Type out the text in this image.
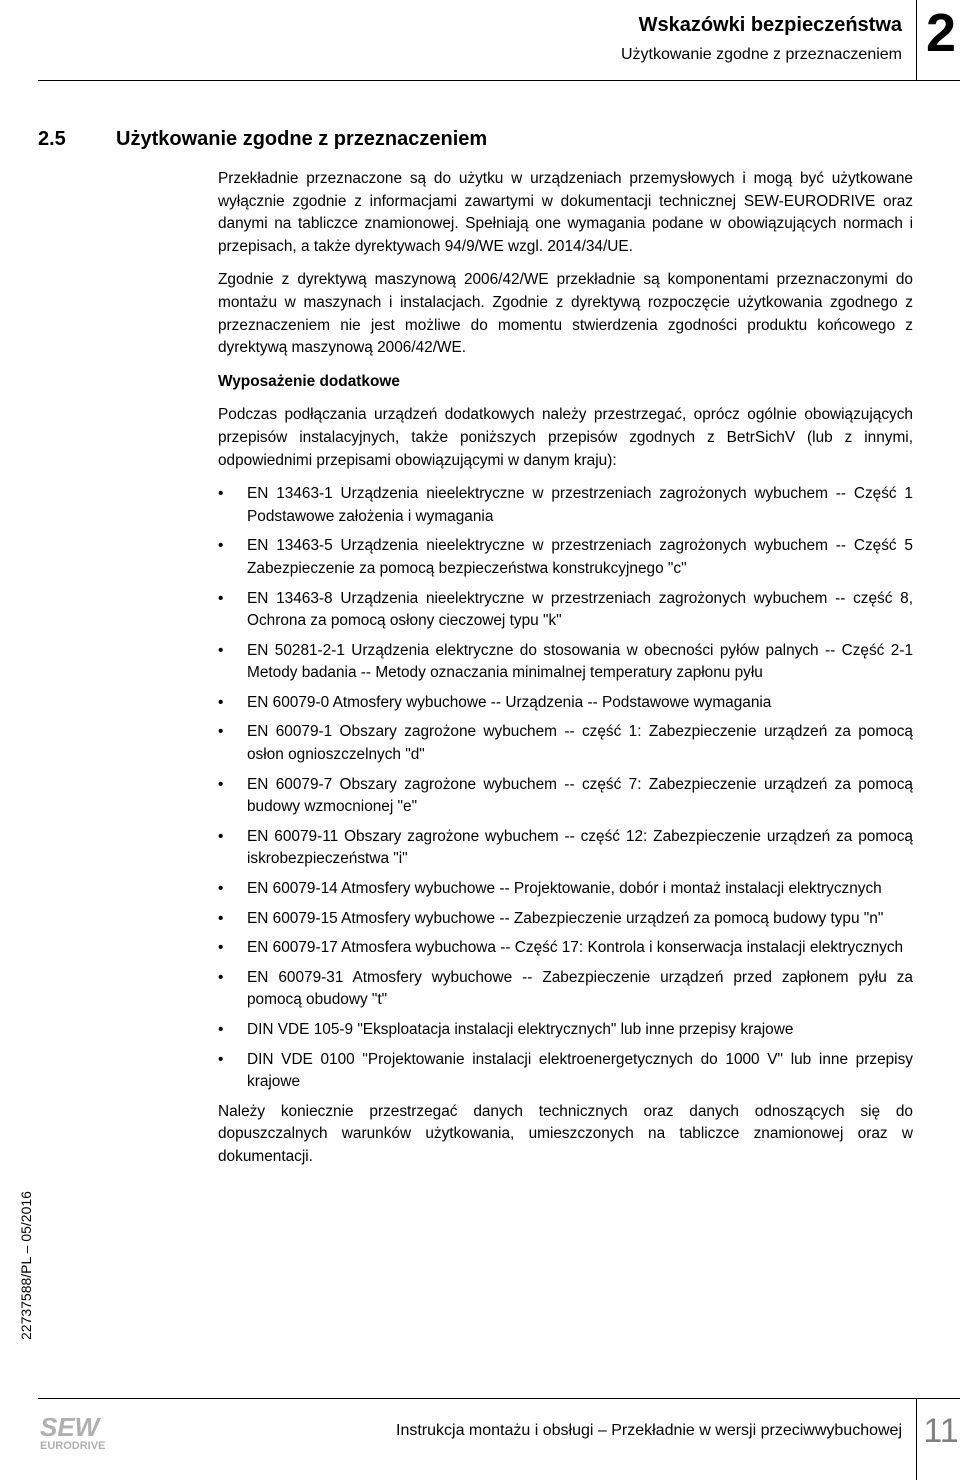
Wskazówki bezpieczeństwa
Użytkowanie zgodne z przeznaczeniem 2
2.5	Użytkowanie zgodne z przeznaczeniem

Przekładnie przeznaczone są do użytku w urządzeniach przemysłowych i mogą być użytkowane wyłącznie zgodnie z informacjami zawartymi w dokumentacji technicznej SEW-EURODRIVE oraz danymi na tabliczce znamionowej. Spełniają one wymagania podane w obowiązujących normach i przepisach, a także dyrektywach 94/9/WE wzgl. 2014/34/UE.

Zgodnie z dyrektywą maszynową 2006/42/WE przekładnie są komponentami przeznaczonymi do montażu w maszynach i instalacjach. Zgodnie z dyrektywą rozpoczęcie użytkowania zgodnego z przeznaczeniem nie jest możliwe do momentu stwierdzenia zgodności produktu końcowego z dyrektywą maszynową 2006/42/WE.

Wyposażenie dodatkowe

Podczas podłączania urządzeń dodatkowych należy przestrzegać, oprócz ogólnie obowiązujących przepisów instalacyjnych, także poniższych przepisów zgodnych z BetrSichV (lub z innymi, odpowiednimi przepisami obowiązującymi w danym kraju):

• EN 13463-1 Urządzenia nieelektryczne w przestrzeniach zagrożonych wybuchem -- Część 1 Podstawowe założenia i wymagania
• EN 13463-5 Urządzenia nieelektryczne w przestrzeniach zagrożonych wybuchem -- Część 5 Zabezpieczenie za pomocą bezpieczeństwa konstrukcyjnego "c"
• EN 13463-8 Urządzenia nieelektryczne w przestrzeniach zagrożonych wybuchem -- część 8, Ochrona za pomocą osłony cieczowej typu "k"
• EN 50281-2-1 Urządzenia elektryczne do stosowania w obecności pyłów palnych -- Część 2-1 Metody badania -- Metody oznaczania minimalnej temperatury zapłonu pyłu
• EN 60079-0 Atmosfery wybuchowe -- Urządzenia -- Podstawowe wymagania
• EN 60079-1 Obszary zagrożone wybuchem -- część 1: Zabezpieczenie urządzeń za pomocą osłon ognioszczelnych "d"
• EN 60079-7 Obszary zagrożone wybuchem -- część 7: Zabezpieczenie urządzeń za pomocą budowy wzmocnionej "e"
• EN 60079-11 Obszary zagrożone wybuchem -- część 12: Zabezpieczenie urządzeń za pomocą iskrobezpieczeństwa "i"
• EN 60079-14 Atmosfery wybuchowe -- Projektowanie, dobór i montaż instalacji elektrycznych
• EN 60079-15 Atmosfery wybuchowe -- Zabezpieczenie urządzeń za pomocą budowy typu "n"
• EN 60079-17 Atmosfera wybuchowa -- Część 17: Kontrola i konserwacja instalacji elektrycznych
• EN 60079-31 Atmosfery wybuchowe -- Zabezpieczenie urządzeń przed zapłonem pyłu za pomocą obudowy "t"
• DIN VDE 105-9 "Eksploatacja instalacji elektrycznych" lub inne przepisy krajowe
• DIN VDE 0100 "Projektowanie instalacji elektroenergetycznych do 1000 V" lub inne przepisy krajowe

Należy koniecznie przestrzegać danych technicznych oraz danych odnoszących się do dopuszczalnych warunków użytkowania, umieszczonych na tabliczce znamionowej oraz w dokumentacji.

22737588/PL – 05/2016
SEW
EURODRIVE
Instrukcja montażu i obsługi – Przekładnie w wersji przeciwwybuchowej 11
